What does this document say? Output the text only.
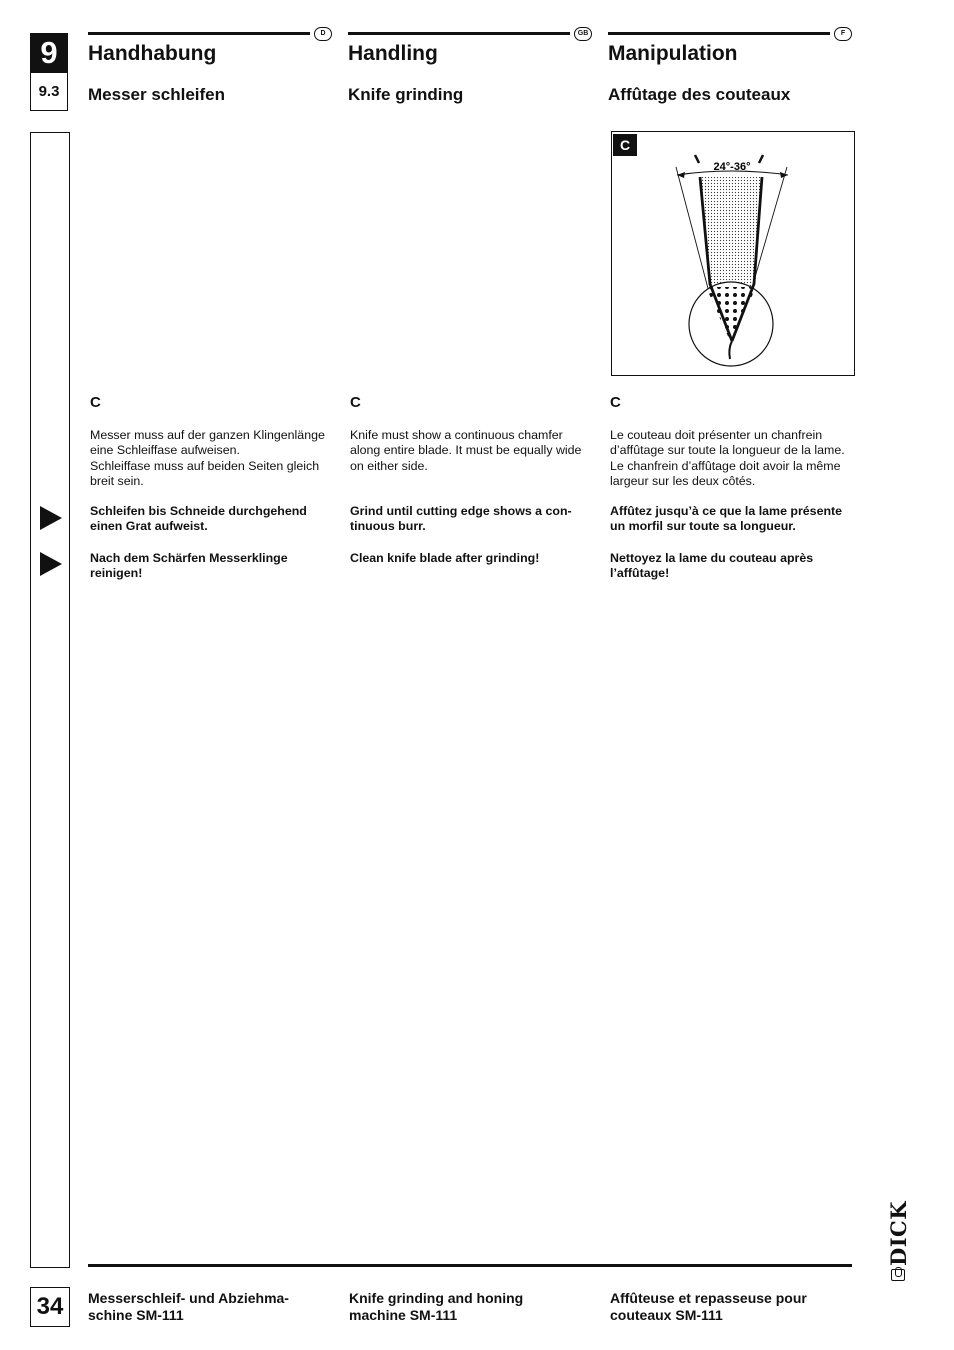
9
9.3
D
Handhabung
Messer schleifen
GB
Handling
Knife grinding
F
Manipulation
Affûtage des couteaux
C
24°-36°
C
Messer muss auf der ganzen Klingenlänge
eine Schleiffase aufweisen.
Schleiffase muss auf beiden Seiten gleich
breit sein.
Schleifen bis Schneide durchgehend
einen Grat aufweist.
Nach dem Schärfen Messerklinge
reinigen!
C
Knife must show a continuous chamfer
along entire blade. It must be equally wide
on either side.
Grind until cutting edge shows a con-
tinuous burr.
Clean knife blade after grinding!
C
Le couteau doit présenter un chanfrein
d’affûtage sur toute la longueur de la lame.
Le chanfrein d’affûtage doit avoir la même
largeur sur les deux côtés.
Affûtez jusqu’à ce que la lame présente
un morfil sur toute sa longueur.
Nettoyez la lame du couteau après
l’affûtage!
DICK
34	Messerschleif- und Abziehma-
schine SM-111
Knife grinding and honing
machine SM-111
Affûteuse et repasseuse pour
couteaux SM-111
